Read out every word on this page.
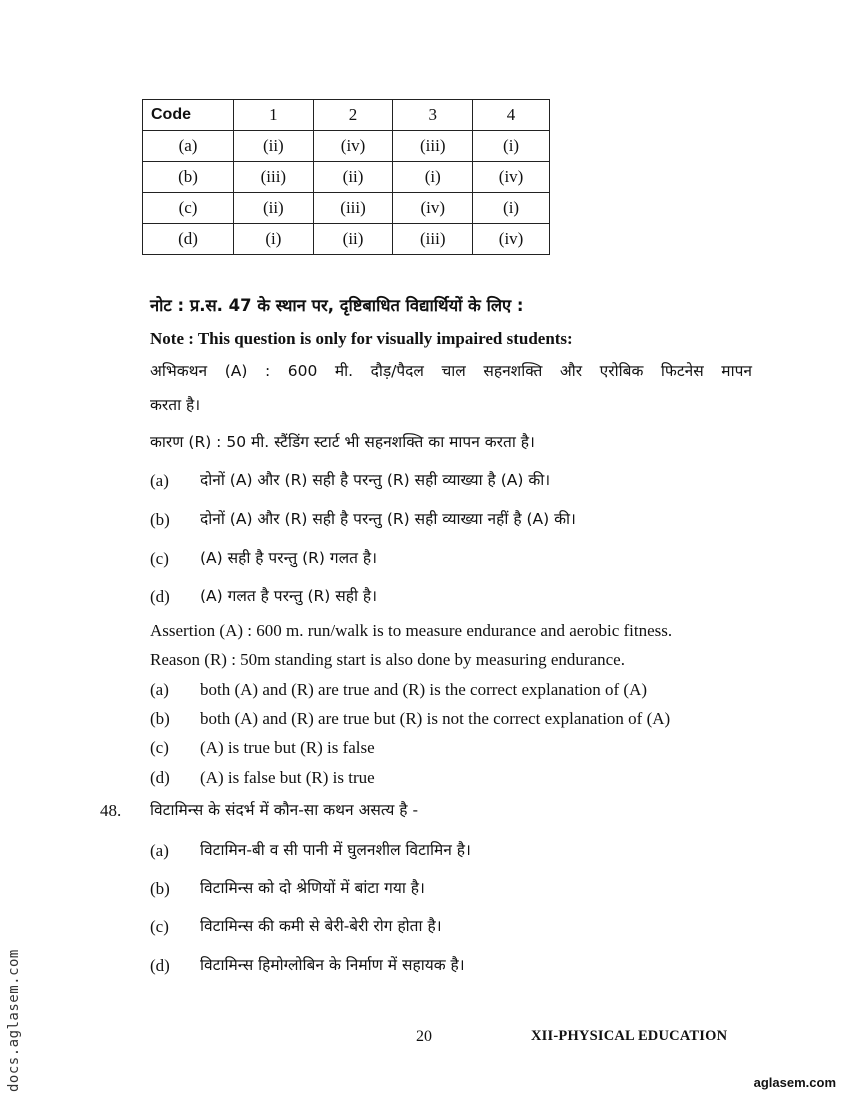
Code	1	2	3	4
(a)	(ii)	(iv)	(iii)	(i)
(b)	(iii)	(ii)	(i)	(iv)
(c)	(ii)	(iii)	(iv)	(i)
(d)	(i)	(ii)	(iii)	(iv)
नोट : प्र.स. 47 के स्थान पर, दृष्टिबाधित विद्यार्थियों के लिए :
Note : This question is only for visually impaired students:
अभिकथन (A) : 600 मी. दौड़/पैदल चाल सहनशक्ति और एरोबिक फिटनेस मापन
करता है।
कारण (R) : 50 मी. स्टैंडिंग स्टार्ट भी सहनशक्ति का मापन करता है।
(a) दोनों (A) और (R) सही है परन्तु (R) सही व्याख्या है (A) की।
(b) दोनों (A) और (R) सही है परन्तु (R) सही व्याख्या नहीं है (A) की।
(c) (A) सही है परन्तु (R) गलत है।
(d) (A) गलत है परन्तु (R) सही है।
Assertion (A) : 600 m. run/walk is to measure endurance and aerobic fitness.
Reason (R) : 50m standing start is also done by measuring endurance.
(a) both (A) and (R) are true and (R) is the correct explanation of (A)
(b) both (A) and (R) are true but (R) is not the correct explanation of (A)
(c) (A) is true but (R) is false
(d) (A) is false but (R) is true
48. विटामिन्स के संदर्भ में कौन-सा कथन असत्य है -
(a) विटामिन-बी व सी पानी में घुलनशील विटामिन है।
(b) विटामिन्स को दो श्रेणियों में बांटा गया है।
(c) विटामिन्स की कमी से बेरी-बेरी रोग होता है।
(d) विटामिन्स हिमोग्लोबिन के निर्माण में सहायक है।
20	XII-PHYSICAL EDUCATION
docs.aglasem.com	aglasem.com
